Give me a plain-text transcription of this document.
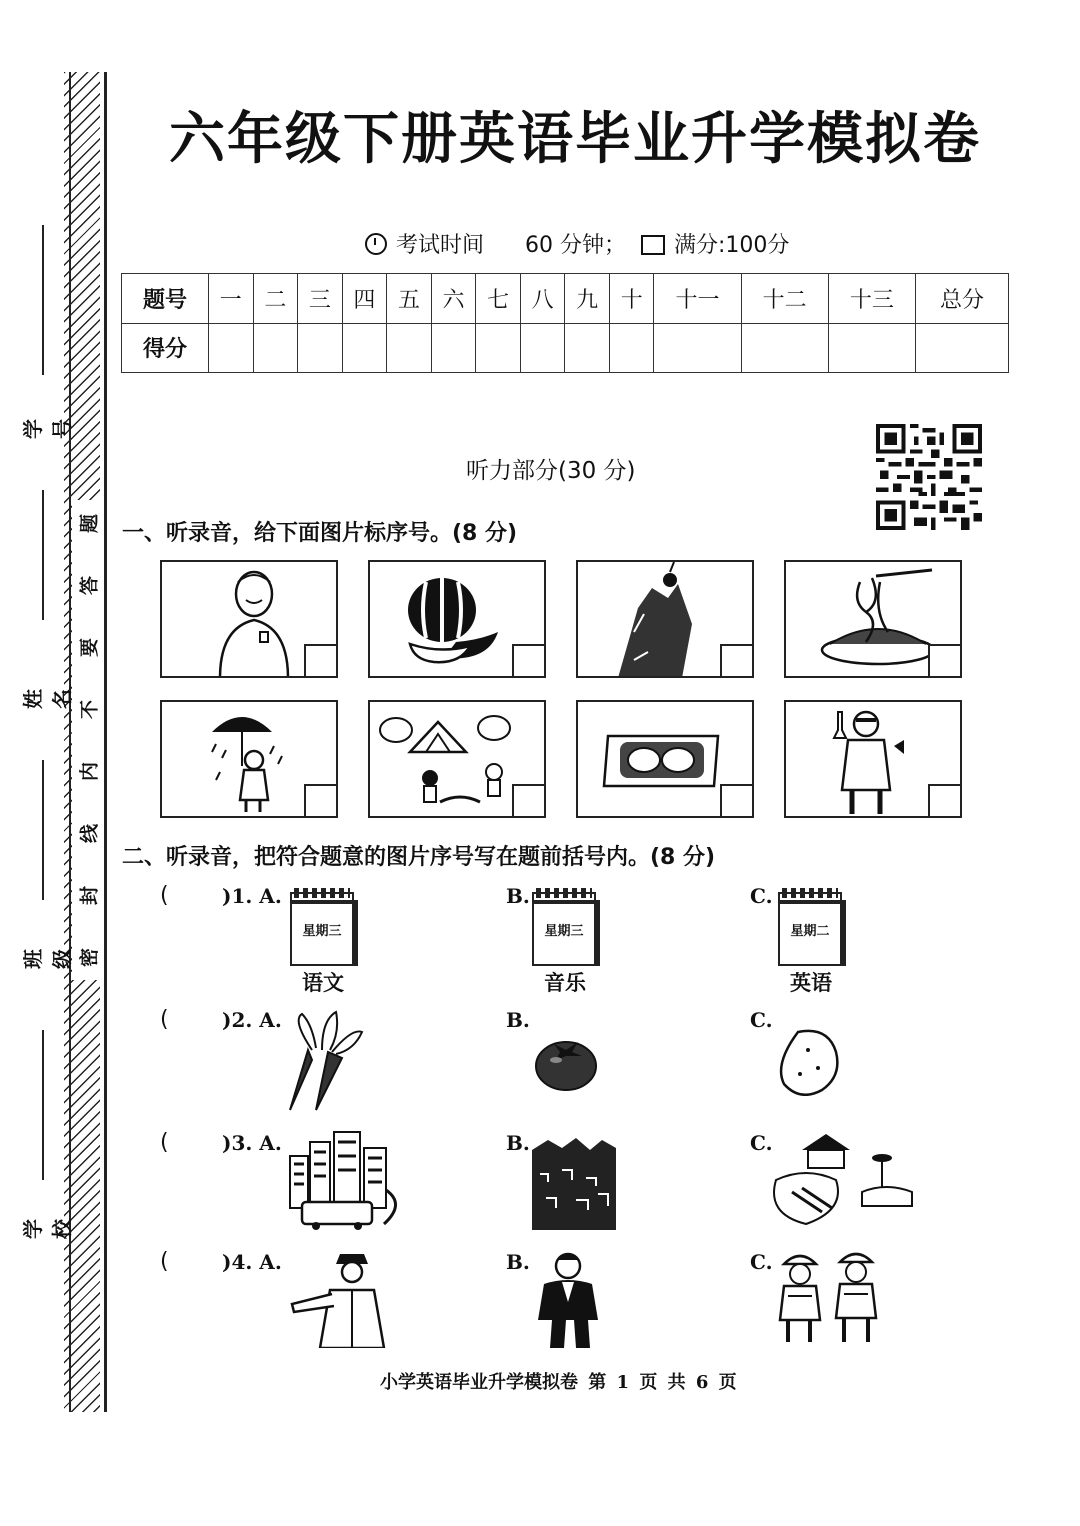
题
答
要
不
内
线
封
密
学号
姓名
班级
学校
六年级下册英语毕业升学模拟卷
考试时间 60 分钟； 满分:100分
题号	一	二	三	四	五	六	七	八	九	十	十一	十二	十三	总分
得分														
听力部分(30 分)
一、听录音，给下面图片标序号。(8 分)
二、听录音，把符合题意的图片序号写在题前括号内。(8 分)
(	)1. A.
星期三
语文
B.
星期三
音乐
C.
星期二
英语
(	)2. A.	B.	C.
(	)3. A.	B.	C.
(	)4. A.	B.	C.
小学英语毕业升学模拟卷 第 1 页 共 6 页
